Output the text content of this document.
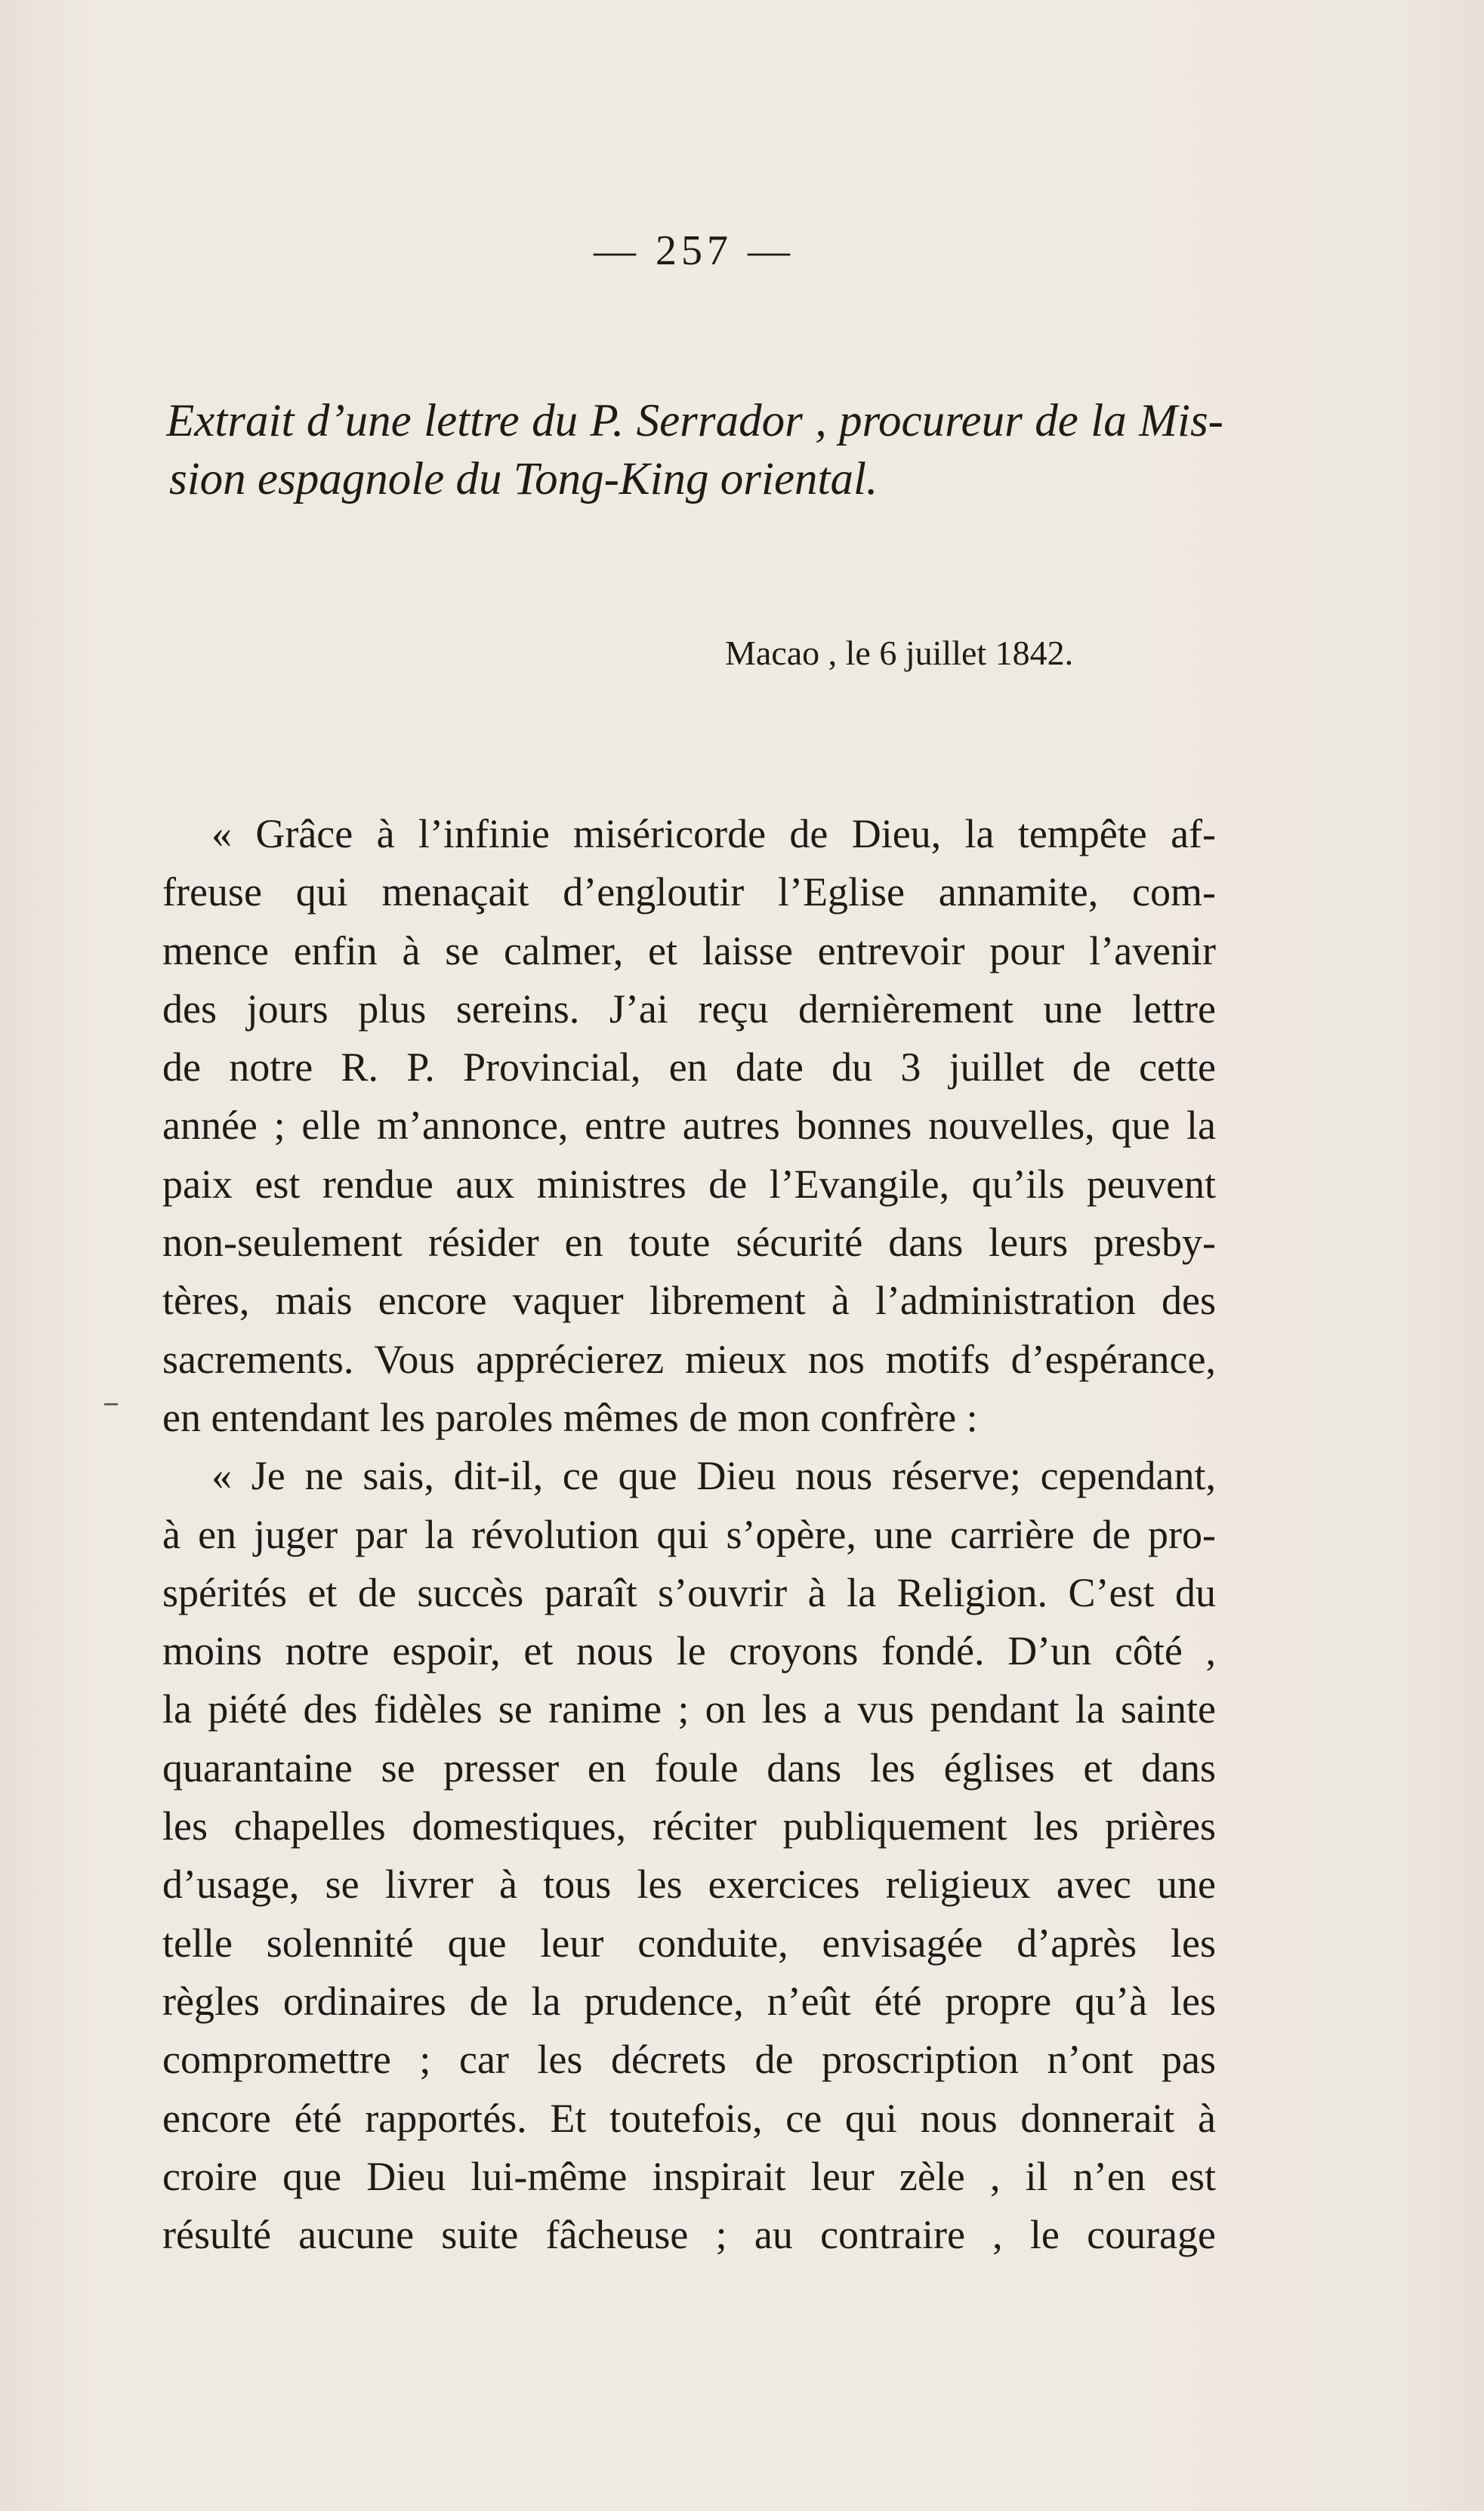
— 257 —
Extrait d’une lettre du P. Serrador , procureur de la Mis-
sion espagnole du Tong-King oriental.
Macao , le 6 juillet 1842.
« Grâce à l’infinie miséricorde de Dieu, la tempête af-
freuse qui menaçait d’engloutir l’Eglise annamite, com-
mence enfin à se calmer, et laisse entrevoir pour l’avenir
des jours plus sereins. J’ai reçu dernièrement une lettre
de notre R. P. Provincial, en date du 3 juillet de cette
année ; elle m’annonce, entre autres bonnes nouvelles, que la
paix est rendue aux ministres de l’Evangile, qu’ils peuvent
non-seulement résider en toute sécurité dans leurs presby-
tères, mais encore vaquer librement à l’administration des
sacrements. Vous apprécierez mieux nos motifs d’espérance,
en entendant les paroles mêmes de mon confrère :
« Je ne sais, dit-il, ce que Dieu nous réserve; cependant,
à en juger par la révolution qui s’opère, une carrière de pro-
spérités et de succès paraît s’ouvrir à la Religion. C’est du
moins notre espoir, et nous le croyons fondé. D’un côté ,
la piété des fidèles se ranime ; on les a vus pendant la sainte
quarantaine se presser en foule dans les églises et dans
les chapelles domestiques, réciter publiquement les prières
d’usage, se livrer à tous les exercices religieux avec une
telle solennité que leur conduite, envisagée d’après les
règles ordinaires de la prudence, n’eût été propre qu’à les
compromettre ; car les décrets de proscription n’ont pas
encore été rapportés. Et toutefois, ce qui nous donnerait à
croire que Dieu lui-même inspirait leur zèle , il n’en est
résulté aucune suite fâcheuse ; au contraire , le courage
